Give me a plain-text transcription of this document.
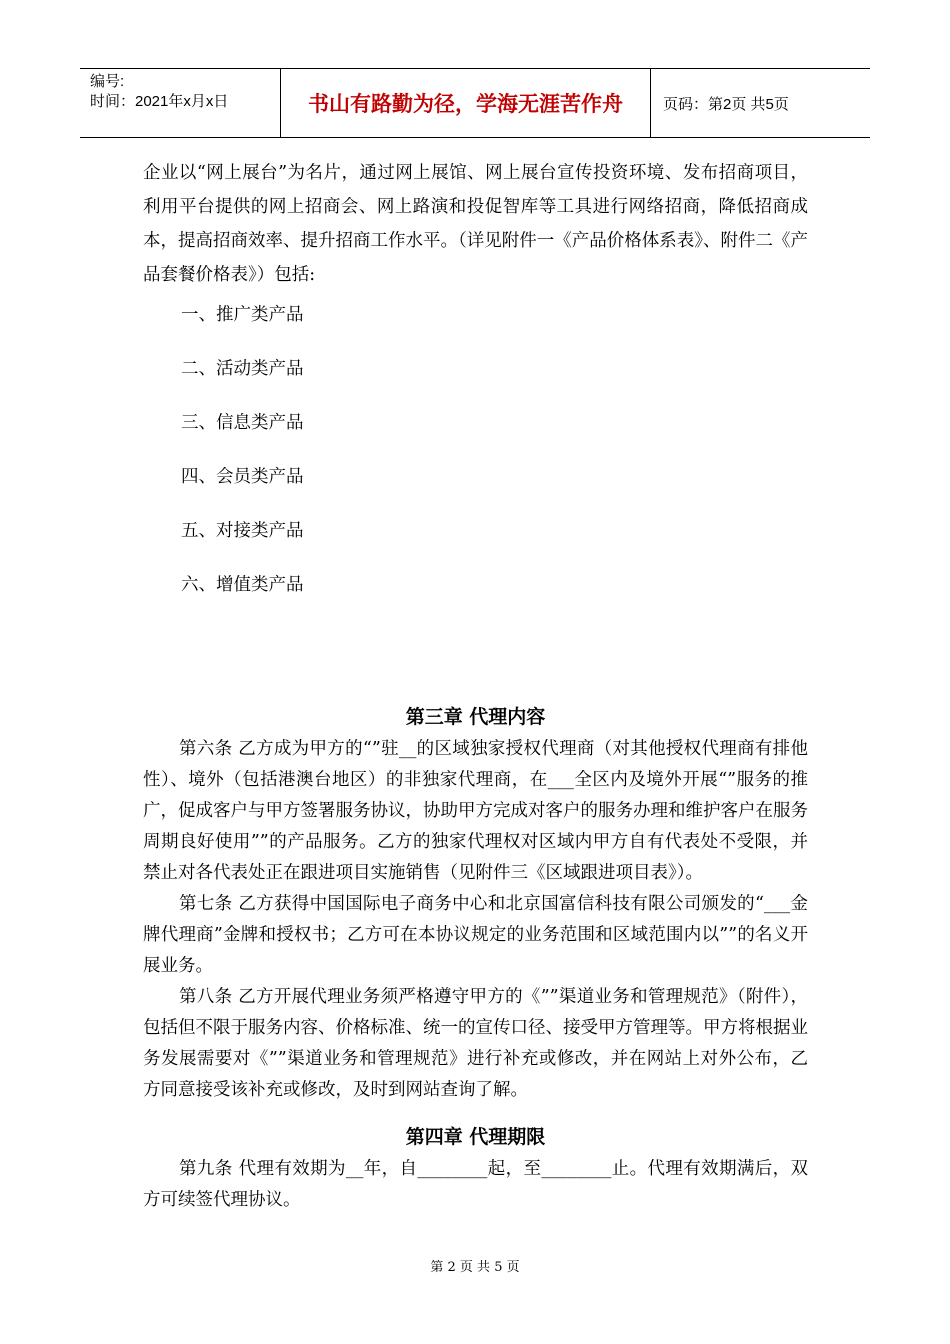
编号:
时间：2021年x月x日	书山有路勤为径，学海无涯苦作舟	页码：第2页 共5页

企业以“网上展台”为名片，通过网上展馆、网上展台宣传投资环境、发布招商项目，利用平台提供的网上招商会、网上路演和投促智库等工具进行网络招商，降低招商成本，提高招商效率、提升招商工作水平。（详见附件一《产品价格体系表》、附件二《产品套餐价格表》）包括:

一、推广类产品

二、活动类产品

三、信息类产品

四、会员类产品

五、对接类产品

六、增值类产品

第三章 代理内容

第六条 乙方成为甲方的“”驻__的区域独家授权代理商（对其他授权代理商有排他性）、境外（包括港澳台地区）的非独家代理商，在___全区内及境外开展“”服务的推广，促成客户与甲方签署服务协议，协助甲方完成对客户的服务办理和维护客户在服务周期良好使用””的产品服务。乙方的独家代理权对区域内甲方自有代表处不受限，并禁止对各代表处正在跟进项目实施销售（见附件三《区域跟进项目表》）。

第七条 乙方获得中国国际电子商务中心和北京国富信科技有限公司颁发的“___金牌代理商”金牌和授权书；乙方可在本协议规定的业务范围和区域范围内以””的名义开展业务。

第八条 乙方开展代理业务须严格遵守甲方的《””渠道业务和管理规范》（附件），包括但不限于服务内容、价格标准、统一的宣传口径、接受甲方管理等。甲方将根据业务发展需要对《””渠道业务和管理规范》进行补充或修改，并在网站上对外公布，乙方同意接受该补充或修改，及时到网站查询了解。

第四章 代理期限

第九条 代理有效期为__年，自________起，至________止。代理有效期满后，双方可续签代理协议。

第 2 页 共 5 页
